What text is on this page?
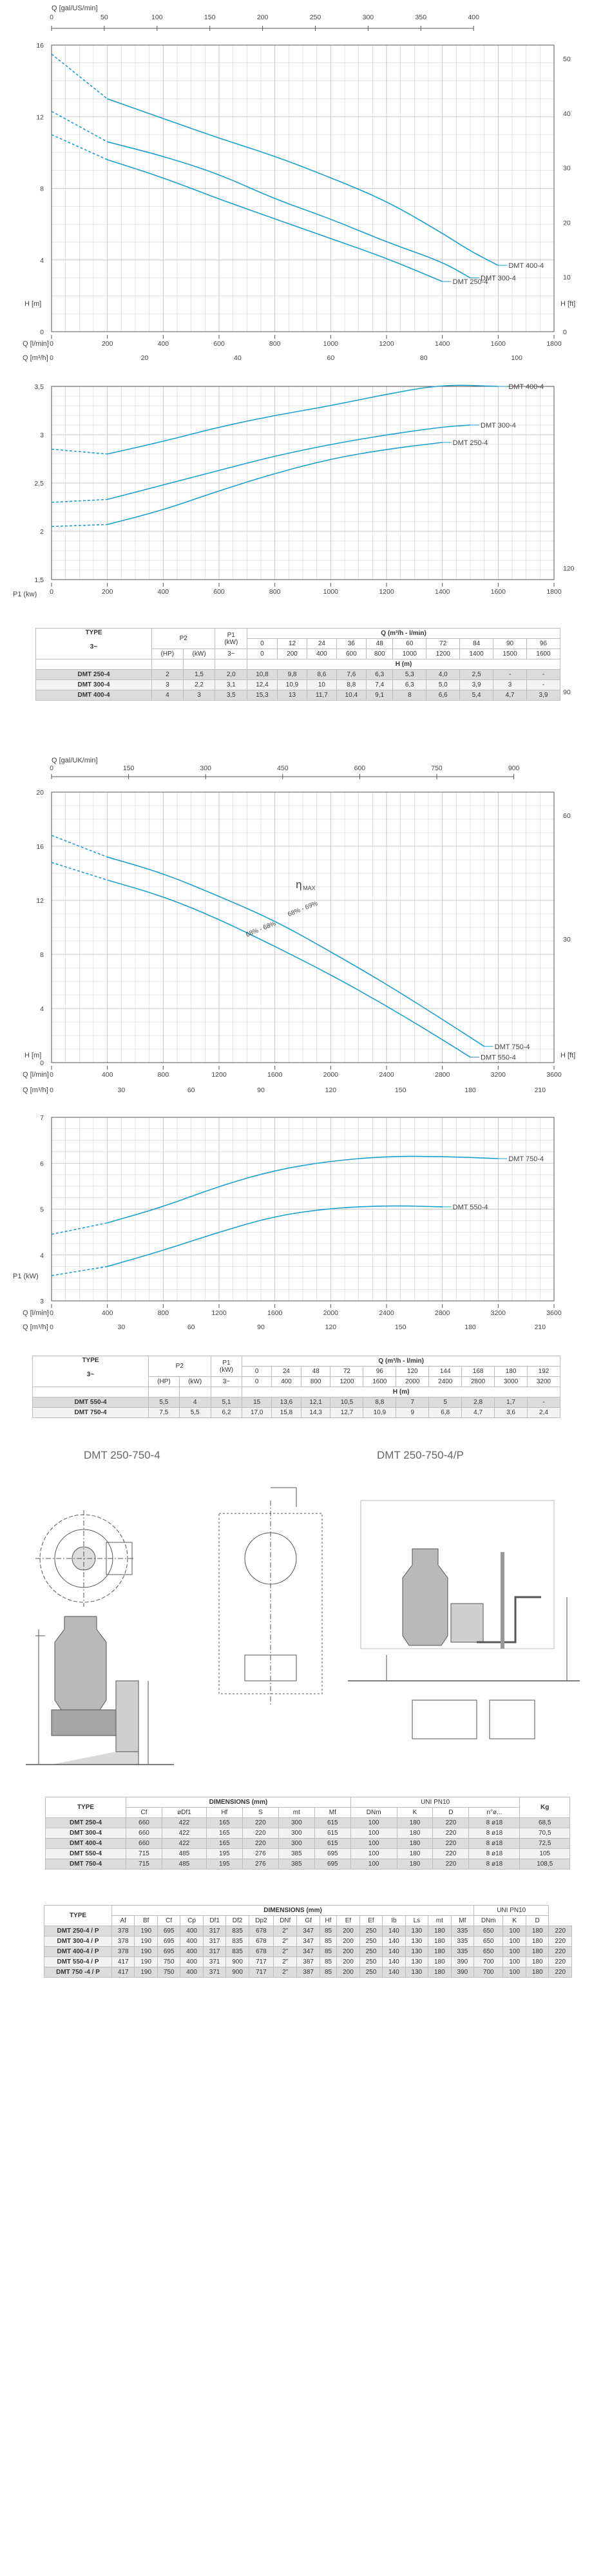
Q [gal/US/min]
0	50	100	150	200	250	300	350	400
DMT 400-4
DMT 300-4
DMT 250-4
0
4
8
12
16
0
10
20
30
40
50
H [m]	H [ft]
0	200	400	600	800	1000	1200	1400	1600	1800
Q [l/min]
0	20	40	60	80	100
Q [m³/h]
DMT 400-4
DMT 300-4
DMT 250-4
1,5
2
2,5
3
3,5
P1 (kw) 0	200	400	600	800	1000	1200	1400	1600	1800
TYPE

3~	P2		P1
(kW)	Q (m³/h - l/min)									
				0	12	24	36	48	60	72	84	90	96
	(HP)	(kW)	3~	0	200	400	600	800	1000	1200	1400	1500	1600
				H (m)									
DMT 250-4	2	1,5	2,0	10,8	9,8	8,6	7,6	6,3	5,3	4,0	2,5	-	-
DMT 300-4	3	2,2	3,1	12,4	10,9	10	8,8	7,4	6,3	5,0	3,9	3	-
DMT 400-4	4	3	3,5	15,3	13	11,7	10,4	9,1	8	6,6	5,4	4,7	3,9
Q [gal/UK/min]
0	150	300	450	600	750	900
DMT 750-4
DMT 550-4
0
4
8
12
16
20
30
60
90
120
H [m]	H [ft]
0	400	800	1200	1600	2000	2400	2800	3200	3600
Q [l/min]
0	30	60	90	120	150	180	210
Q [m³/h]
η MAX
68% - 69%
68% - 68%
DMT 750-4
DMT 550-4
3
4
5
6
7
P1 (kW)
0	400	800	1200	1600	2000	2400	2800	3200	3600
Q [l/min]
0	30	60	90	120	150	180	210
Q [m³/h]
TYPE

3~	P2		P1
(kW)	Q (m³/h - l/min)									
				0	24	48	72	96	120	144	168	180	192
	(HP)	(kW)	3~	0	400	800	1200	1600	2000	2400	2800	3000	3200
				H (m)									
DMT 550-4	5,5	4	5,1	15	13,6	12,1	10,5	8,8	7	5	2,8	1,7	-
DMT 750-4	7,5	5,5	6,2	17,0	15,8	14,3	12,7	10,9	9	6,8	4,7	3,6	2,4
DMT 250-750-4	DMT 250-750-4/P
TYPE	DIMENSIONS (mm)						UNI PN10				Kg
	Cf	øDf1	Hf	S	mt	Mf	DNm	K	D	n°ø...	
DMT 250-4	660	422	165	220	300	615	100	180	220	8 ø18	68,5
DMT 300-4	660	422	165	220	300	615	100	180	220	8 ø18	70,5
DMT 400-4	660	422	165	220	300	615	100	180	220	8 ø18	72,5
DMT 550-4	715	485	195	276	385	695	100	180	220	8 ø18	105
DMT 750-4	715	485	195	276	385	695	100	180	220	8 ø18	108,5
TYPE	DIMENSIONS (mm)																UNI PN10			
	Af	Bf	Cf	Cp	Df1	Df2	Dp2	DNf	Gf	Hf	Ef	Ef	Ib	Ls	mt	Mf	DNm	K	D	
DMT 250-4 / P	378	190	695	400	317	835	678	2"	347	85	200	250	140	130	180	335	650	100	180	220
DMT 300-4 / P	378	190	695	400	317	835	678	2"	347	85	200	250	140	130	180	335	650	100	180	220
DMT 400-4 / P	378	190	695	400	317	835	678	2"	347	85	200	250	140	130	180	335	650	100	180	220
DMT 550-4 / P	417	190	750	400	371	900	717	2"	387	85	200	250	140	130	180	390	700	100	180	220
DMT 750 -4 / P	417	190	750	400	371	900	717	2"	387	85	200	250	140	130	180	390	700	100	180	220
